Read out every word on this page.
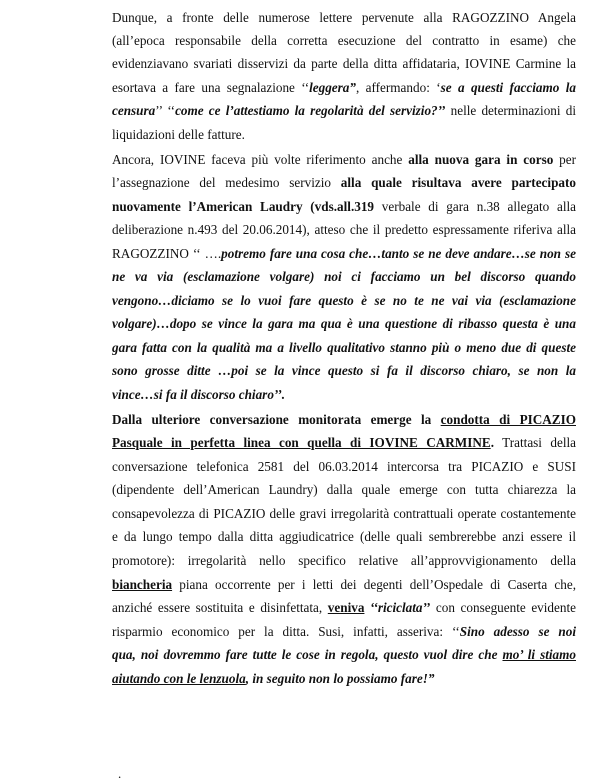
Dunque, a fronte delle numerose lettere pervenute alla RAGOZZINO Angela
(all’epoca responsabile della corretta esecuzione del contratto in esame) che
evidenziavano svariati disservizi da parte della ditta affidataria, IOVINE Carmine la
esortava a fare una segnalazione ‘‘leggera”, affermando: ‘se a questi facciamo la
censura’’ ‘‘come ce l’attestiamo la regolarità del servizio?’’ nelle determinazioni di
liquidazioni delle fatture.
Ancora, IOVINE faceva più volte riferimento anche alla nuova gara in corso per
l’assegnazione del medesimo servizio alla quale risultava avere partecipato
nuovamente l’American Laudry (vds.all.319 verbale di gara n.38 allegato alla
deliberazione n.493 del 20.06.2014), atteso che il predetto espressamente riferiva alla
RAGOZZINO ‘‘ ….potremo fare una cosa che…tanto se ne deve andare…se non se
ne va via (esclamazione volgare) noi ci facciamo un bel discorso quando
vengono…diciamo se lo vuoi fare questo è se no te ne vai via (esclamazione
volgare)…dopo se vince la gara ma qua è una questione di ribasso questa è una
gara fatta con la qualità ma a livello qualitativo stanno più o meno due di queste
sono grosse ditte …poi se la vince questo si fa il discorso chiaro, se non la
vince…si fa il discorso chiaro’’.
Dalla ulteriore conversazione monitorata emerge la condotta di PICAZIO
Pasquale in perfetta linea con quella di IOVINE CARMINE. Trattasi della
conversazione telefonica 2581 del 06.03.2014 intercorsa tra PICAZIO e SUSI
(dipendente dell’American Laundry) dalla quale emerge con tutta chiarezza la
consapevolezza di PICAZIO delle gravi irregolarità contrattuali operate costantemente
e da lungo tempo dalla ditta aggiudicatrice (delle quali sembrerebbe anzi essere il
promotore): irregolarità nello specifico relative all’approvvigionamento della
biancheria piana occorrente per i letti dei degenti dell’Ospedale di Caserta che,
anziché essere sostituita e disinfettata, veniva ‘‘riciclata’’ con conseguente evidente
risparmio economico per la ditta. Susi, infatti, asseriva: ‘‘Sino adesso se noi
qua, noi dovremmo fare tutte le cose in regola, questo vuol dire che mo’ li stiamo
aiutando con le lenzuola, in seguito non lo possiamo fare!”
.
